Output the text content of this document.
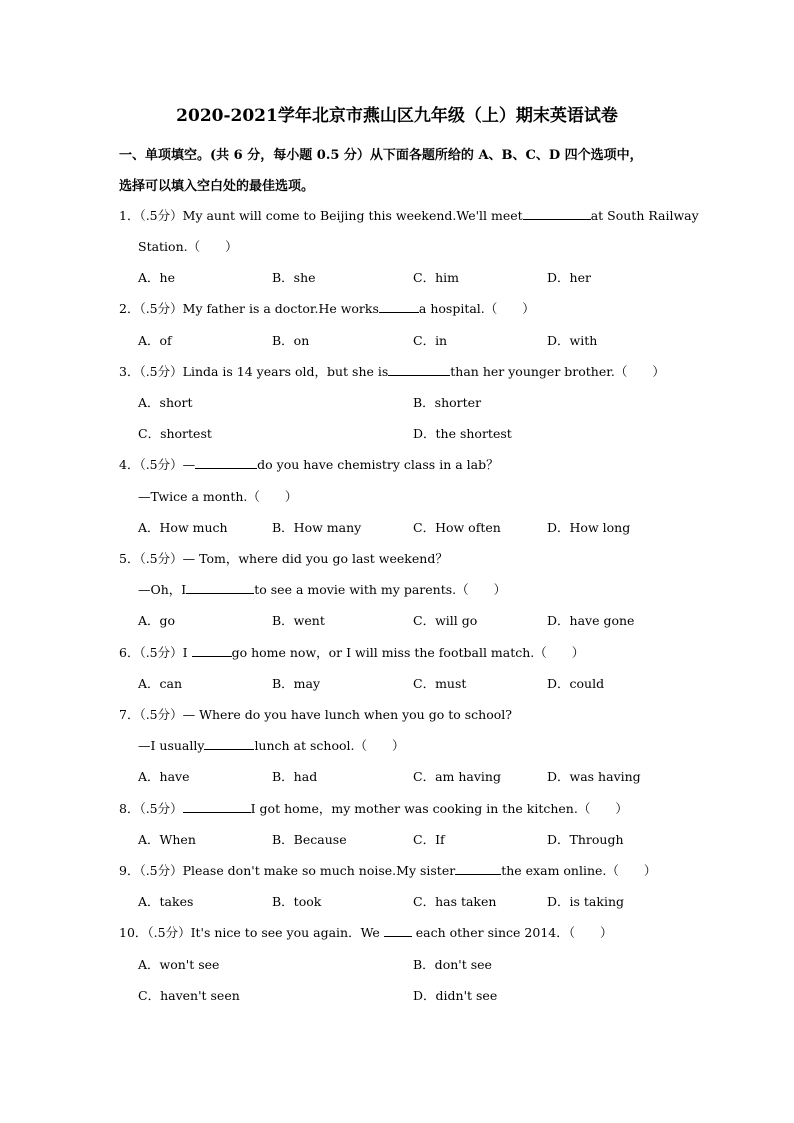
2020-2021学年北京市燕山区九年级（上）期末英语试卷
一、单项填空。(共 6 分，每小题 0.5 分）从下面各题所给的 A、B、C、D 四个选项中，
选择可以填入空白处的最佳选项。
1．（.5分）My aunt will come to Beijing this weekend.We'll meet	at South Railway
Station.（　　）
A．he	B．she	C．him	D．her
2．（.5分）My father is a doctor.He works	a hospital.（　　）
A．of	B．on	C．in	D．with
3．（.5分）Linda is 14 years old，but she is	than her younger brother.（　　）
A．short	B．shorter
C．shortest	D．the shortest
4．（.5分）—	do you have chemistry class in a lab？
—Twice a month.（　　）
A．How much	B．How many	C．How often	D．How long
5．（.5分）— Tom，where did you go last weekend？
—Oh，I	to see a movie with my parents.（　　）
A．go	B．went	C．will go	D．have gone
6．（.5分）I	go home now，or I will miss the football match.（　　）
A．can	B．may	C．must	D．could
7．（.5分）— Where do you have lunch when you go to school?
—I usually	lunch at school.（　　）
A．have	B．had	C．am having	D．was having
8．（.5分）	I got home，my mother was cooking in the kitchen.（　　）
A．When	B．Because	C．If	D．Through
9．（.5分）Please don't make so much noise.My sister	the exam online.（　　）
A．takes	B．took	C．has taken	D．is taking
10．（.5分）It's nice to see you again．We  each other since 2014．（　　）
A．won't see	B．don't see
C．haven't seen	D．didn't see
